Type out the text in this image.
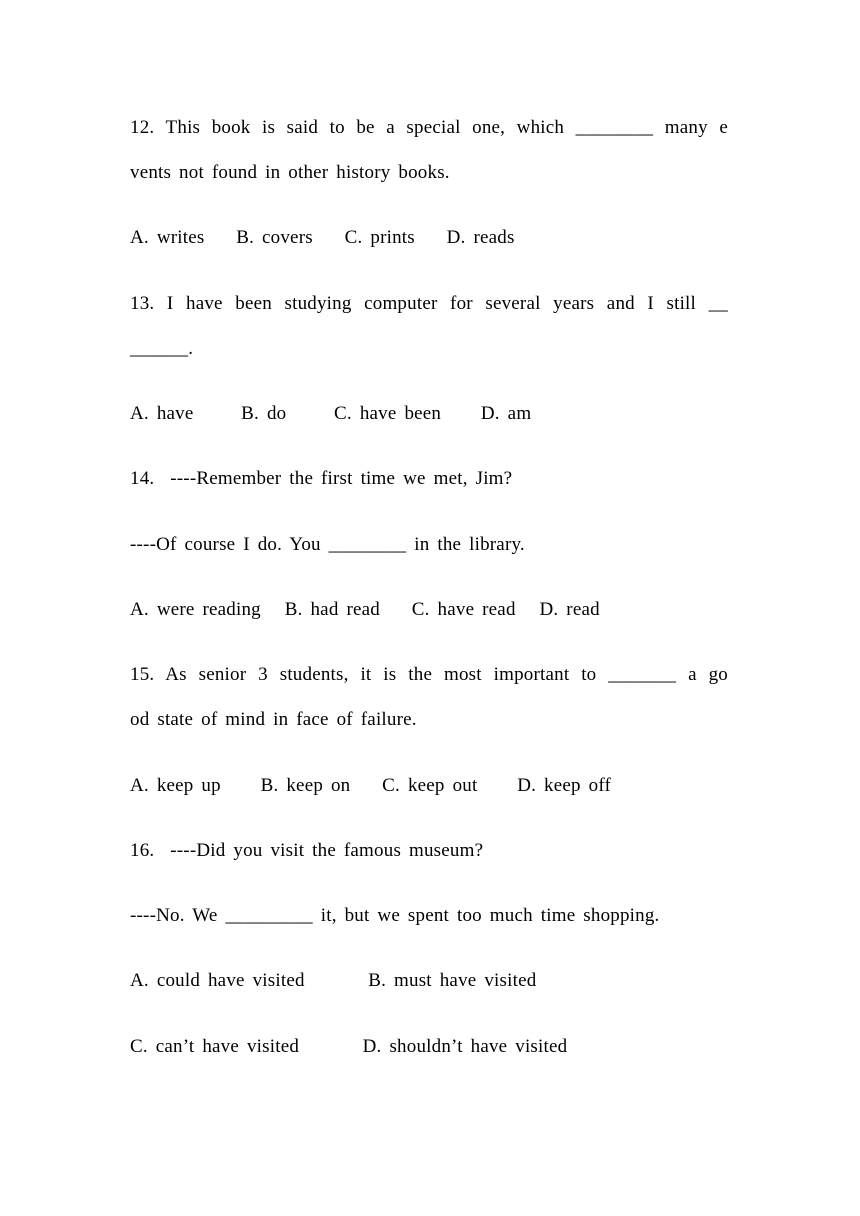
12. This book is said to be a special one, which ________ many e
vents not found in other history books.
A. writes    B. covers    C. prints    D. reads
13. I have been studying computer for several years and I still __
______.
A. have      B. do      C. have been     D. am
14.  ----Remember the first time we met, Jim?
----Of course I do. You ________ in the library.
A. were reading   B. had read    C. have read   D. read
15. As senior 3 students, it is the most important to _______ a go
od state of mind in face of failure.
A. keep up     B. keep on    C. keep out     D. keep off
16.  ----Did you visit the famous museum?
----No. We _________ it, but we spent too much time shopping.
A. could have visited        B. must have visited
C. can’t have visited        D. shouldn’t have visited
